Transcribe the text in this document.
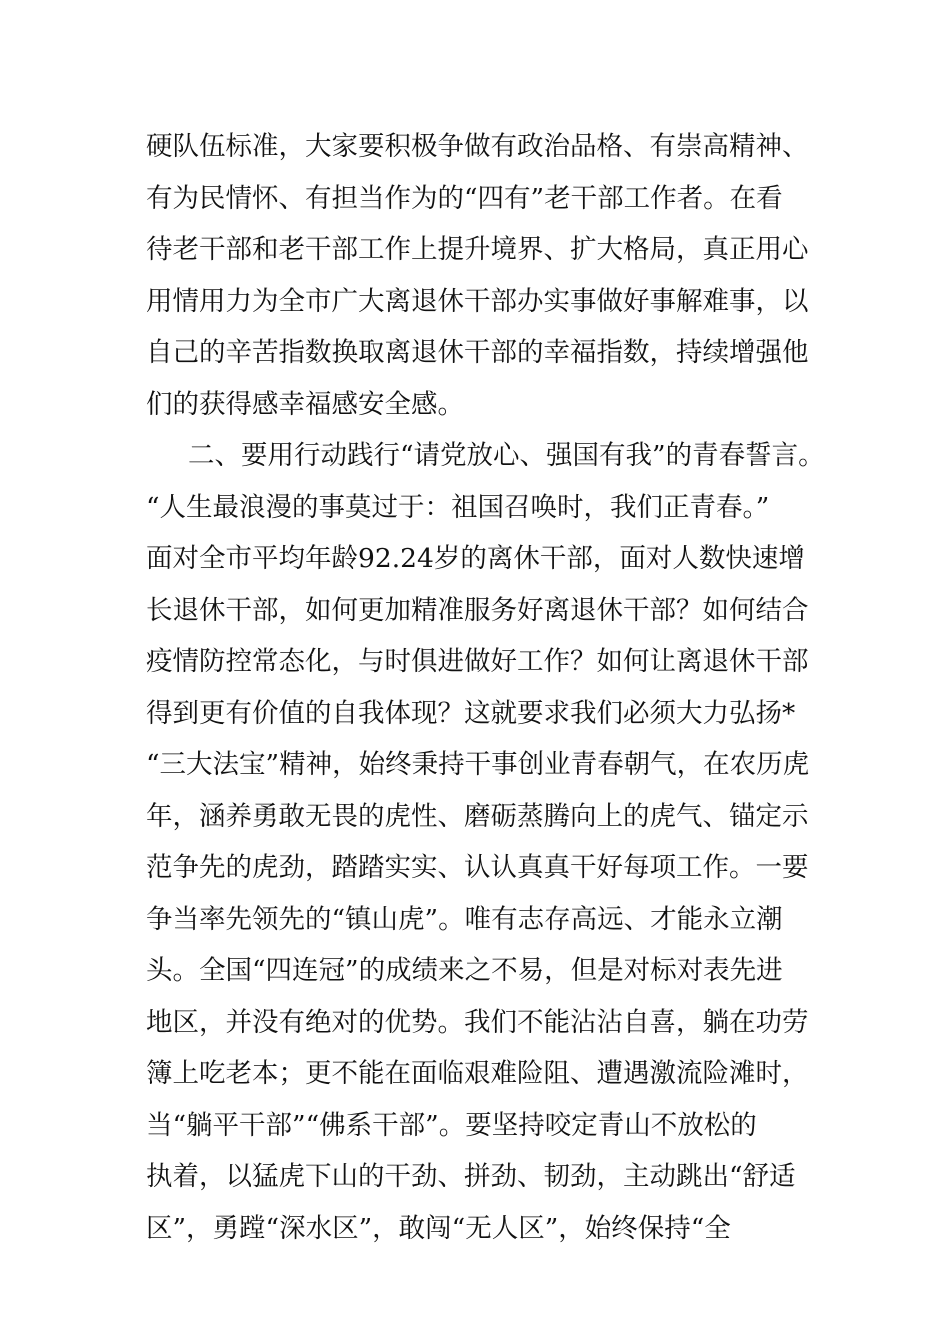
硬队伍标准，大家要积极争做有政治品格、有崇高精神、
有为民情怀、有担当作为的“四有”老干部工作者。在看
待老干部和老干部工作上提升境界、扩大格局，真正用心
用情用力为全市广大离退休干部办实事做好事解难事，以
自己的辛苦指数换取离退休干部的幸福指数，持续增强他
们的获得感幸福感安全感。
二、要用行动践行“请党放心、强国有我”的青春誓言。
“人生最浪漫的事莫过于：祖国召唤时，我们正青春。”
面对全市平均年龄92.24岁的离休干部，面对人数快速增
长退休干部，如何更加精准服务好离退休干部？如何结合
疫情防控常态化，与时俱进做好工作？如何让离退休干部
得到更有价值的自我体现？这就要求我们必须大力弘扬*
“三大法宝”精神，始终秉持干事创业青春朝气，在农历虎
年，涵养勇敢无畏的虎性、磨砺蒸腾向上的虎气、锚定示
范争先的虎劲，踏踏实实、认认真真干好每项工作。一要
争当率先领先的“镇山虎”。唯有志存高远、才能永立潮
头。全国“四连冠”的成绩来之不易，但是对标对表先进
地区，并没有绝对的优势。我们不能沾沾自喜，躺在功劳
簿上吃老本；更不能在面临艰难险阻、遭遇激流险滩时，
当“躺平干部”“佛系干部”。要坚持咬定青山不放松的
执着，以猛虎下山的干劲、拼劲、韧劲，主动跳出“舒适
区”，勇蹚“深水区”，敢闯“无人区”，始终保持“全
